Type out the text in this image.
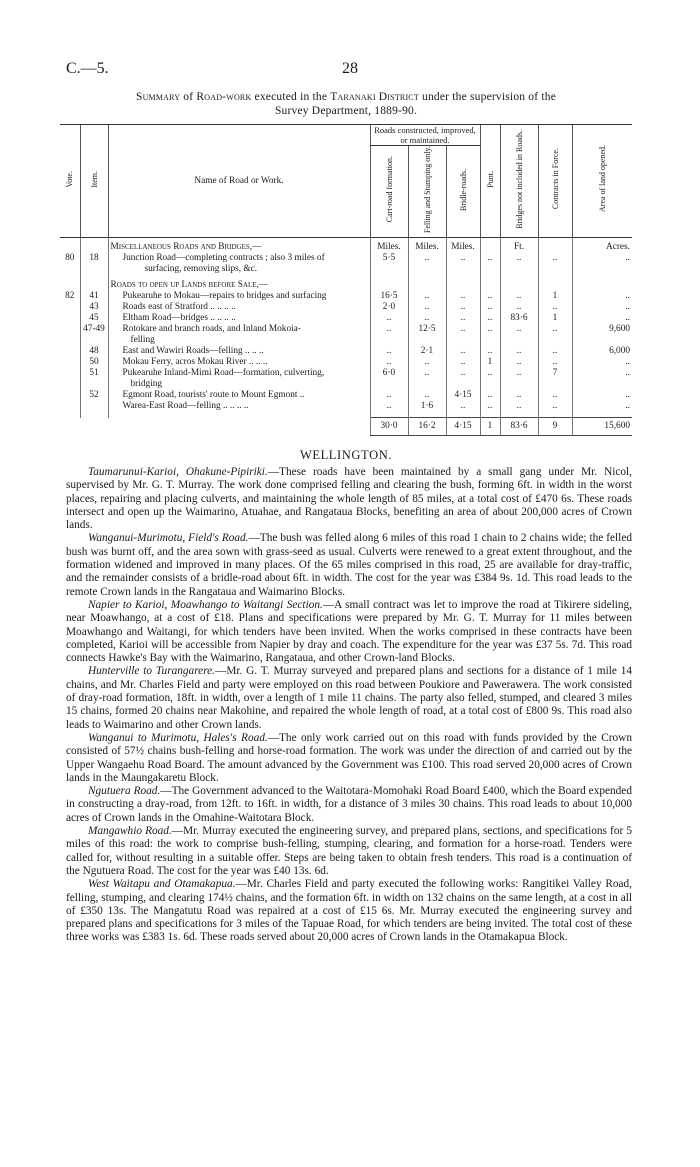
C.—5.	28
Summary of Road-work executed in the Taranaki District under the supervision of the
Survey Department, 1889-90.
Vote.	Item.	Name of Road or Work.	Roads constructed, improved, or maintained.			Punt.	Bridges not included in Roads.	Contracts in Force.	Area of land opened.
			Cart-road formation.	Felling and Stumping only.	Bridle-roads.				
		Miscellaneous Roads and Bridges,—	Miles.	Miles.	Miles.		Ft.		Acres.
80	18	Junction Road—completing contracts ; also 3 miles of
surfacing, removing slips, &c.	5·5	..	..	..	..	..	..

		Roads to open up Lands before Sale,—							
82	41	Pukearuhe to Mokau—repairs to bridges and surfacing	16·5	..	..	..	..	1	..
	43	Roads east of Stratford .. .. .. ..	2·0	..	..	..	..	..	..
	45	Eltham Road—bridges .. .. .. ..	..	..	..	..	83·6	1	..
	47-49	Rotokare and branch roads, and Inland Mokoia-
felling	..	12·5	..	..	..	..	9,600
	48	East and Wawiri Roads—felling .. .. ..	..	2·1	..	..	..	..	6,000
	50	Mokau Ferry, acros Mokau River .. .. ..	..	..	..	1	..	..	..
	51	Pukearuhe Inland-Mimi Road—formation, culverting,
bridging	6·0	..	..	..	..	7	..
	52	Egmont Road, tourists' route to Mount Egmont ..	..	..	4·15	..	..	..	..
		Warea-East Road—felling .. .. .. ..	..	1·6	..	..	..	..	..

			30·0	16·2	4·15	1	83·6	9	15,600
WELLINGTON.

Taumarunui-Karioi, Ohakune-Pipiriki.—These roads have been maintained by a small gang under Mr. Nicol, supervised by Mr. G. T. Murray. The work done comprised felling and clearing the bush, forming 6ft. in width in the worst places, repairing and placing culverts, and maintaining the whole length of 85 miles, at a total cost of £470 6s. These roads intersect and open up the Waimarino, Atuahae, and Rangataua Blocks, benefiting an area of about 200,000 acres of Crown lands.

Wanganui-Murimotu, Field's Road.—The bush was felled along 6 miles of this road 1 chain to 2 chains wide; the felled bush was burnt off, and the area sown with grass-seed as usual. Culverts were renewed to a great extent throughout, and the formation widened and improved in many places. Of the 65 miles comprised in this road, 25 are available for dray-traffic, and the remainder consists of a bridle-road about 6ft. in width. The cost for the year was £384 9s. 1d. This road leads to the remote Crown lands in the Rangataua and Waimarino Blocks.

Napier to Karioi, Moawhango to Waitangi Section.—A small contract was let to improve the road at Tikirere sideling, near Moawhango, at a cost of £18. Plans and specifications were prepared by Mr. G. T. Murray for 11 miles between Moawhango and Waitangi, for which tenders have been invited. When the works comprised in these contracts have been completed, Karioi will be accessible from Napier by dray and coach. The expenditure for the year was £37 5s. 7d. This road connects Hawke's Bay with the Waimarino, Rangataua, and other Crown-land Blocks.

Hunterville to Turangarere.—Mr. G. T. Murray surveyed and prepared plans and sections for a distance of 1 mile 14 chains, and Mr. Charles Field and party were employed on this road between Poukiore and Pawerawera. The work consisted of dray-road formation, 18ft. in width, over a length of 1 mile 11 chains. The party also felled, stumped, and cleared 3 miles 15 chains, formed 20 chains near Makohine, and repaired the whole length of road, at a total cost of £800 9s. This road also leads to Waimarino and other Crown lands.

Wanganui to Murimotu, Hales's Road.—The only work carried out on this road with funds provided by the Crown consisted of 57½ chains bush-felling and horse-road formation. The work was under the direction of and carried out by the Upper Wangaehu Road Board. The amount advanced by the Government was £100. This road served 20,000 acres of Crown lands in the Maungakaretu Block.

Ngutuera Road.—The Government advanced to the Waitotara-Momohaki Road Board £400, which the Board expended in constructing a dray-road, from 12ft. to 16ft. in width, for a distance of 3 miles 30 chains. This road leads to about 10,000 acres of Crown lands in the Omahine-Waitotara Block.

Mangawhio Road.—Mr. Murray executed the engineering survey, and prepared plans, sections, and specifications for 5 miles of this road: the work to comprise bush-felling, stumping, clearing, and formation for a horse-road. Tenders were called for, without resulting in a suitable offer. Steps are being taken to obtain fresh tenders. This road is a continuation of the Ngutuera Road. The cost for the year was £40 13s. 6d.

West Waitapu and Otamakapua.—Mr. Charles Field and party executed the following works: Rangitikei Valley Road, felling, stumping, and clearing 174½ chains, and the formation 6ft. in width on 132 chains on the same length, at a cost in all of £350 13s. The Mangatutu Road was repaired at a cost of £15 6s. Mr. Murray executed the engineering survey and prepared plans and specifications for 3 miles of the Tapuae Road, for which tenders are being invited. The total cost of these three works was £383 1s. 6d. These roads served about 20,000 acres of Crown lands in the Otamakapua Block.
